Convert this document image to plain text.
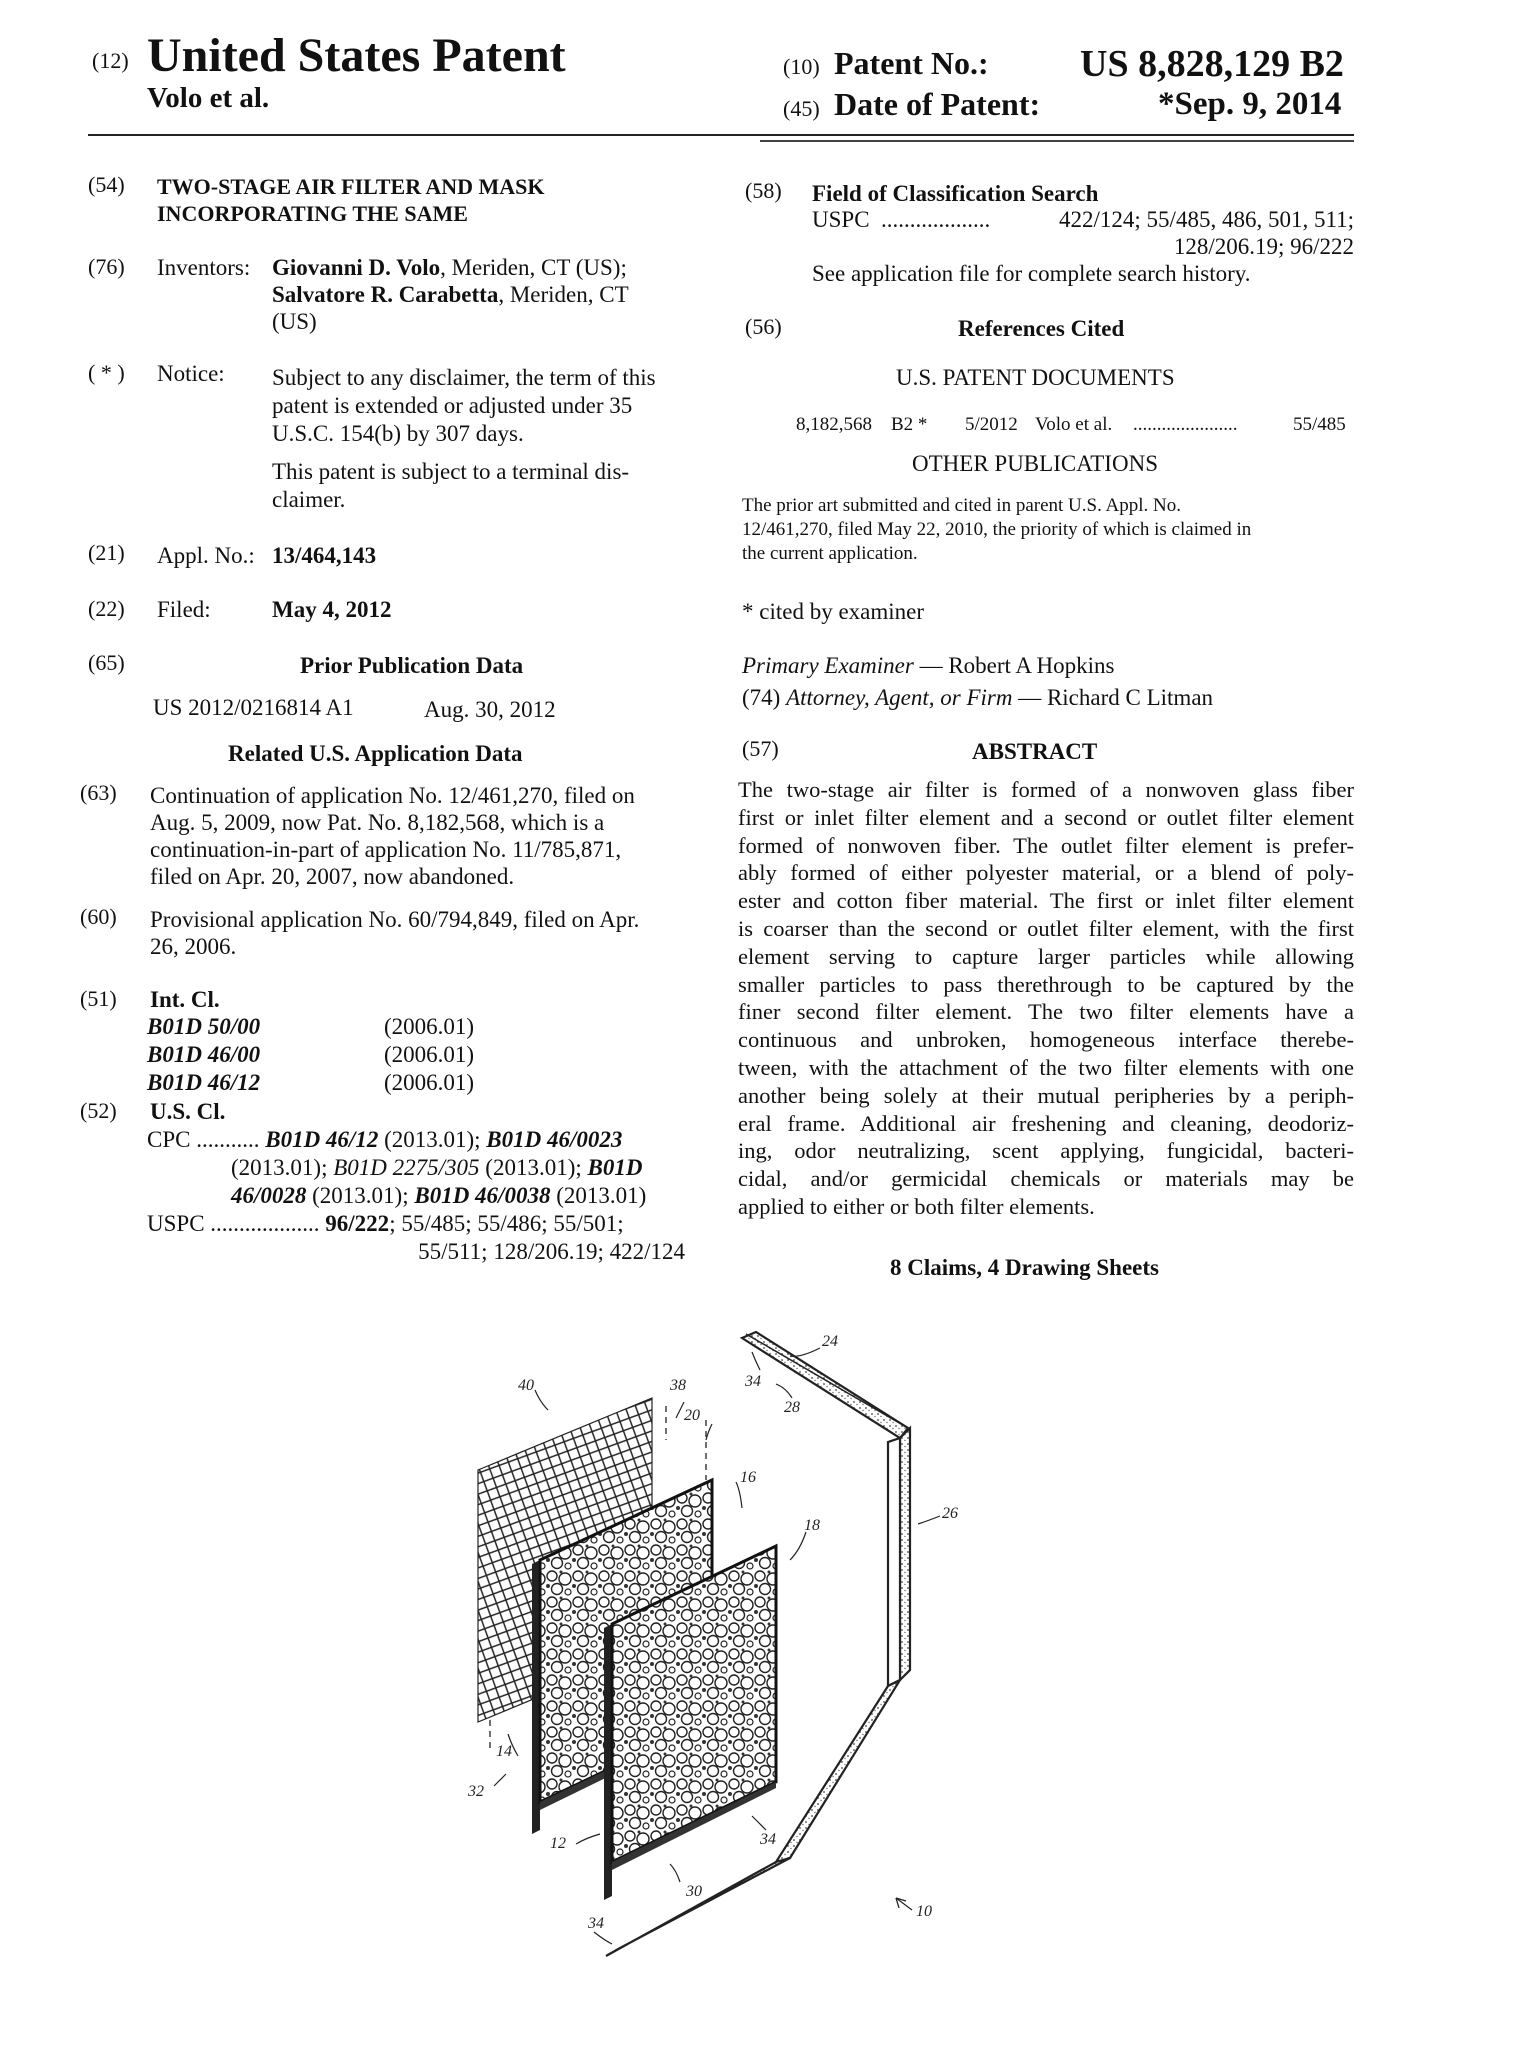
(12) United States Patent
Volo et al.
(10) Patent No.: US 8,828,129 B2
(45) Date of Patent:	*Sep. 9, 2014
(54) TWO-STAGE AIR FILTER AND MASK
INCORPORATING THE SAME
(76) Inventors: Giovanni D. Volo, Meriden, CT (US);
Salvatore R. Carabetta, Meriden, CT
(US)
( * ) Notice: Subject to any disclaimer, the term of this
patent is extended or adjusted under 35
U.S.C. 154(b) by 307 days.
This patent is subject to a terminal dis-
claimer.
(21) Appl. No.: 13/464,143
(22) Filed:	May 4, 2012
(65)	Prior Publication Data
US 2012/0216814 A1	Aug. 30, 2012
Related U.S. Application Data
(63) Continuation of application No. 12/461,270, filed on
Aug. 5, 2009, now Pat. No. 8,182,568, which is a
continuation-in-part of application No. 11/785,871,
filed on Apr. 20, 2007, now abandoned.
(60) Provisional application No. 60/794,849, filed on Apr.
26, 2006.
(51) Int. Cl.
B01D 50/00	(2006.01)
B01D 46/00	(2006.01)
B01D 46/12	(2006.01)
(52) U.S. Cl.
CPC ........... B01D 46/12 (2013.01); B01D 46/0023
(2013.01); B01D 2275/305 (2013.01); B01D
46/0028 (2013.01); B01D 46/0038 (2013.01)
USPC ................... 96/222; 55/485; 55/486; 55/501;
55/511; 128/206.19; 422/124
(58) Field of Classification Search
USPC ...................	422/124; 55/485, 486, 501, 511;
128/206.19; 96/222
See application file for complete search history.
(56)	References Cited
U.S. PATENT DOCUMENTS
8,182,568	B2 *	5/2012 Volo et al.	......................	55/485
OTHER PUBLICATIONS
The prior art submitted and cited in parent U.S. Appl. No.
12/461,270, filed May 22, 2010, the priority of which is claimed in
the current application.
* cited by examiner
Primary Examiner — Robert A Hopkins
(74) Attorney, Agent, or Firm — Richard C Litman
(57)	ABSTRACT
The two-stage air filter is formed of a nonwoven glass fiber
first or inlet filter element and a second or outlet filter element
formed of nonwoven fiber. The outlet filter element is prefer-
ably formed of either polyester material, or a blend of poly-
ester and cotton fiber material. The first or inlet filter element
is coarser than the second or outlet filter element, with the first
element serving to capture larger particles while allowing
smaller particles to pass therethrough to be captured by the
finer second filter element. The two filter elements have a
continuous and unbroken, homogeneous interface therebe-
tween, with the attachment of the two filter elements with one
another being solely at their mutual peripheries by a periph-
eral frame. Additional air freshening and cleaning, deodoriz-
ing, odor neutralizing, scent applying, fungicidal, bacteri-
cidal, and/or germicidal chemicals or materials may be
applied to either or both filter elements.
8 Claims, 4 Drawing Sheets
24
34
28
40	38
20
16
26
18
14
32
12	34
30
34
10
